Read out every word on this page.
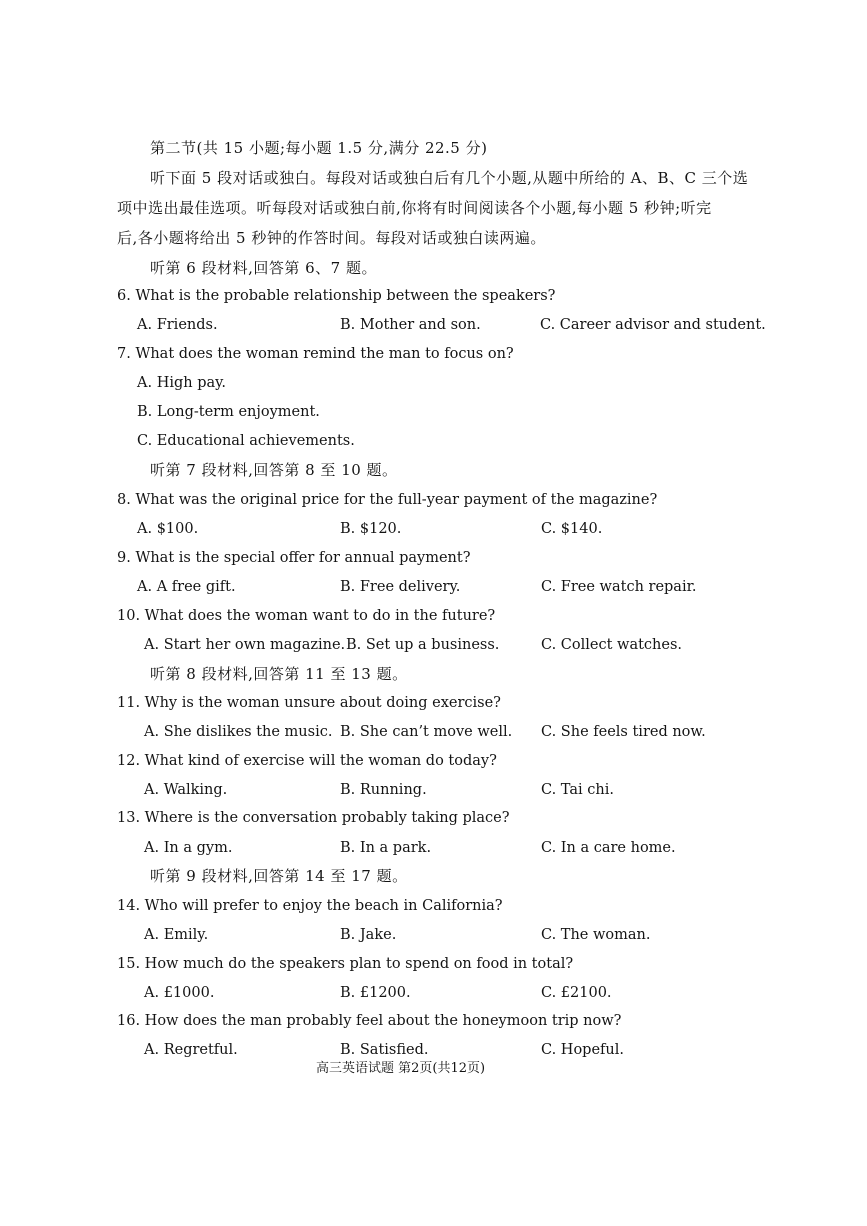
第二节(共 15 小题;每小题 1.5 分,满分 22.5 分)
听下面 5 段对话或独白。每段对话或独白后有几个小题,从题中所给的 A、B、C 三个选
项中选出最佳选项。听每段对话或独白前,你将有时间阅读各个小题,每小题 5 秒钟;听完
后,各小题将给出 5 秒钟的作答时间。每段对话或独白读两遍。
听第 6 段材料,回答第 6、7 题。
6. What is the probable relationship between the speakers?
A. Friends.	B. Mother and son.	C. Career advisor and student.
7. What does the woman remind the man to focus on?
A. High pay.
B. Long-term enjoyment.
C. Educational achievements.
听第 7 段材料,回答第 8 至 10 题。
8. What was the original price for the full-year payment of the magazine?
A. $100.	B. $120.	C. $140.
9. What is the special offer for annual payment?
A. A free gift.	B. Free delivery.	C. Free watch repair.
10. What does the woman want to do in the future?
A. Start her own magazine. B. Set up a business.	C. Collect watches.
听第 8 段材料,回答第 11 至 13 题。
11. Why is the woman unsure about doing exercise?
A. She dislikes the music. B. She can’t move well. C. She feels tired now.
12. What kind of exercise will the woman do today?
A. Walking.	B. Running.	C. Tai chi.
13. Where is the conversation probably taking place?
A. In a gym.	B. In a park.	C. In a care home.
听第 9 段材料,回答第 14 至 17 题。
14. Who will prefer to enjoy the beach in California?
A. Emily.	B. Jake.	C. The woman.
15. How much do the speakers plan to spend on food in total?
A. £1000.	B. £1200.	C. £2100.
16. How does the man probably feel about the honeymoon trip now?
A. Regretful.	B. Satisfied.	C. Hopeful.
高三英语试题 第2页(共12页)
